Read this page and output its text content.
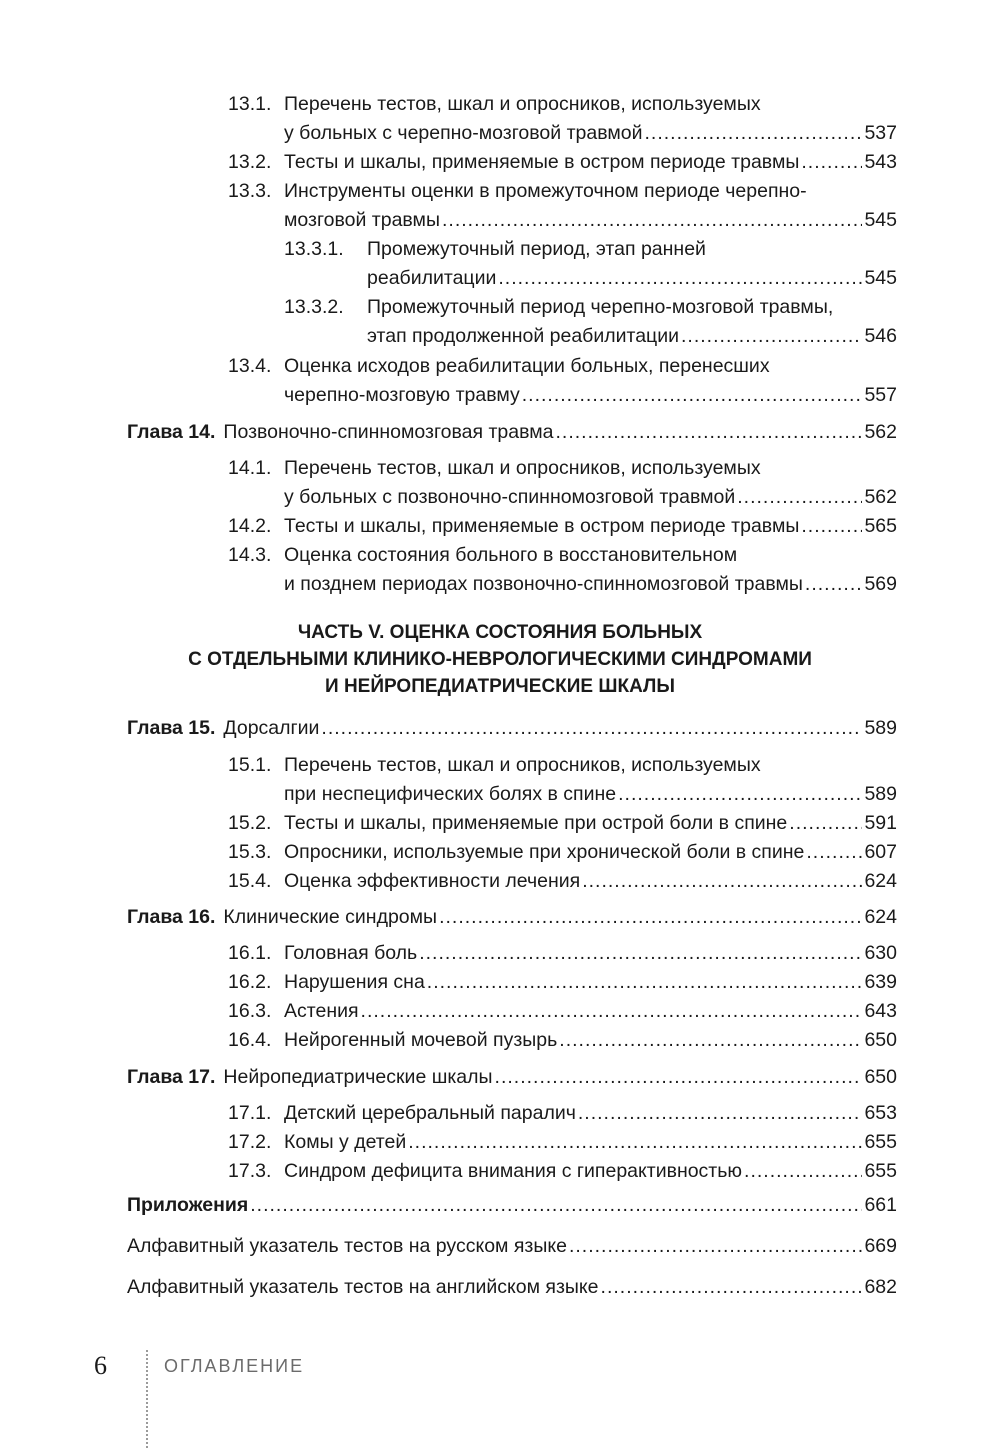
13.1. Перечень тестов, шкал и опросников, используемых
у больных с черепно-мозговой травмой .....	537
13.2. Тесты и шкалы, применяемые в остром периоде травмы .....	543
13.3. Инструменты оценки в промежуточном периоде черепно-
мозговой травмы .....	545
13.3.1. Промежуточный период, этап ранней
реабилитации .....	545
13.3.2. Промежуточный период черепно-мозговой травмы,
этап продолженной реабилитации .....	546
13.4. Оценка исходов реабилитации больных, перенесших
черепно-мозговую травму .....	557
Глава 14. Позвоночно-спинномозговая травма .....	562
14.1. Перечень тестов, шкал и опросников, используемых
у больных с позвоночно-спинномозговой травмой .....	562
14.2. Тесты и шкалы, применяемые в остром периоде травмы .....	565
14.3. Оценка состояния больного в восстановительном
и позднем периодах позвоночно-спинномозговой травмы .....	569
ЧАСТЬ V. ОЦЕНКА СОСТОЯНИЯ БОЛЬНЫХ
С ОТДЕЛЬНЫМИ КЛИНИКО-НЕВРОЛОГИЧЕСКИМИ СИНДРОМАМИ
И НЕЙРОПЕДИАТРИЧЕСКИЕ ШКАЛЫ
Глава 15. Дорсалгии .....	589
15.1. Перечень тестов, шкал и опросников, используемых
при неспецифических болях в спине .....	589
15.2. Тесты и шкалы, применяемые при острой боли в спине .....	591
15.3. Опросники, используемые при хронической боли в спине .....	607
15.4. Оценка эффективности лечения .....	624
Глава 16. Клинические синдромы .....	624
16.1. Головная боль .....	630
16.2. Нарушения сна .....	639
16.3. Астения .....	643
16.4. Нейрогенный мочевой пузырь .....	650
Глава 17. Нейропедиатрические шкалы .....	650
17.1. Детский церебральный паралич .....	653
17.2. Комы у детей .....	655
17.3. Синдром дефицита внимания с гиперактивностью .....	655
Приложения .....	661
Алфавитный указатель тестов на русском языке .....	669
Алфавитный указатель тестов на английском языке .....	682
6	ОГЛАВЛЕНИЕ
